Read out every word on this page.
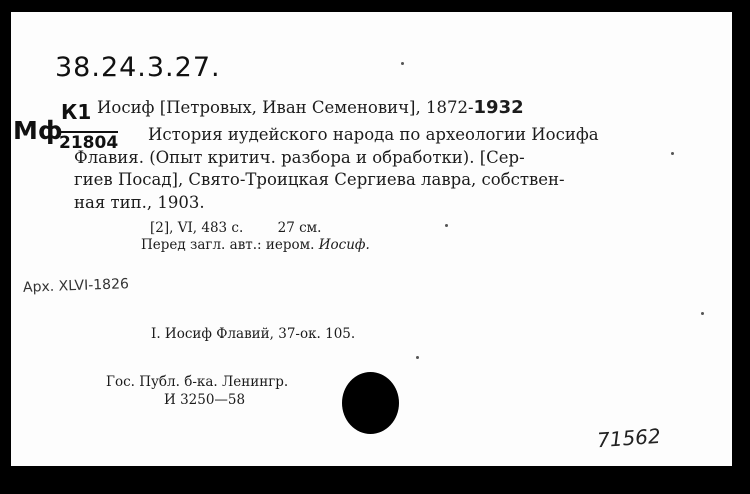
38.24.3.27.
К1
Мф
21804
Иосиф [Петровых, Иван Семенович], 1872-1932
История иудейского народа по археологии Иосифа
Флавия. (Опыт критич. разбора и обработки). [Сер-
гиев Посад], Свято-Троицкая Сергиева лавра, собствен-
ная тип., 1903.
[2], VI, 483 с.        27 см.
Перед загл. авт.: иером. Иосиф.
Арх. XLVI-1826
I. Иосиф Флавий, 37-ок. 105.
Гос. Публ. б-ка. Ленингр.
И 3250—58
71562
